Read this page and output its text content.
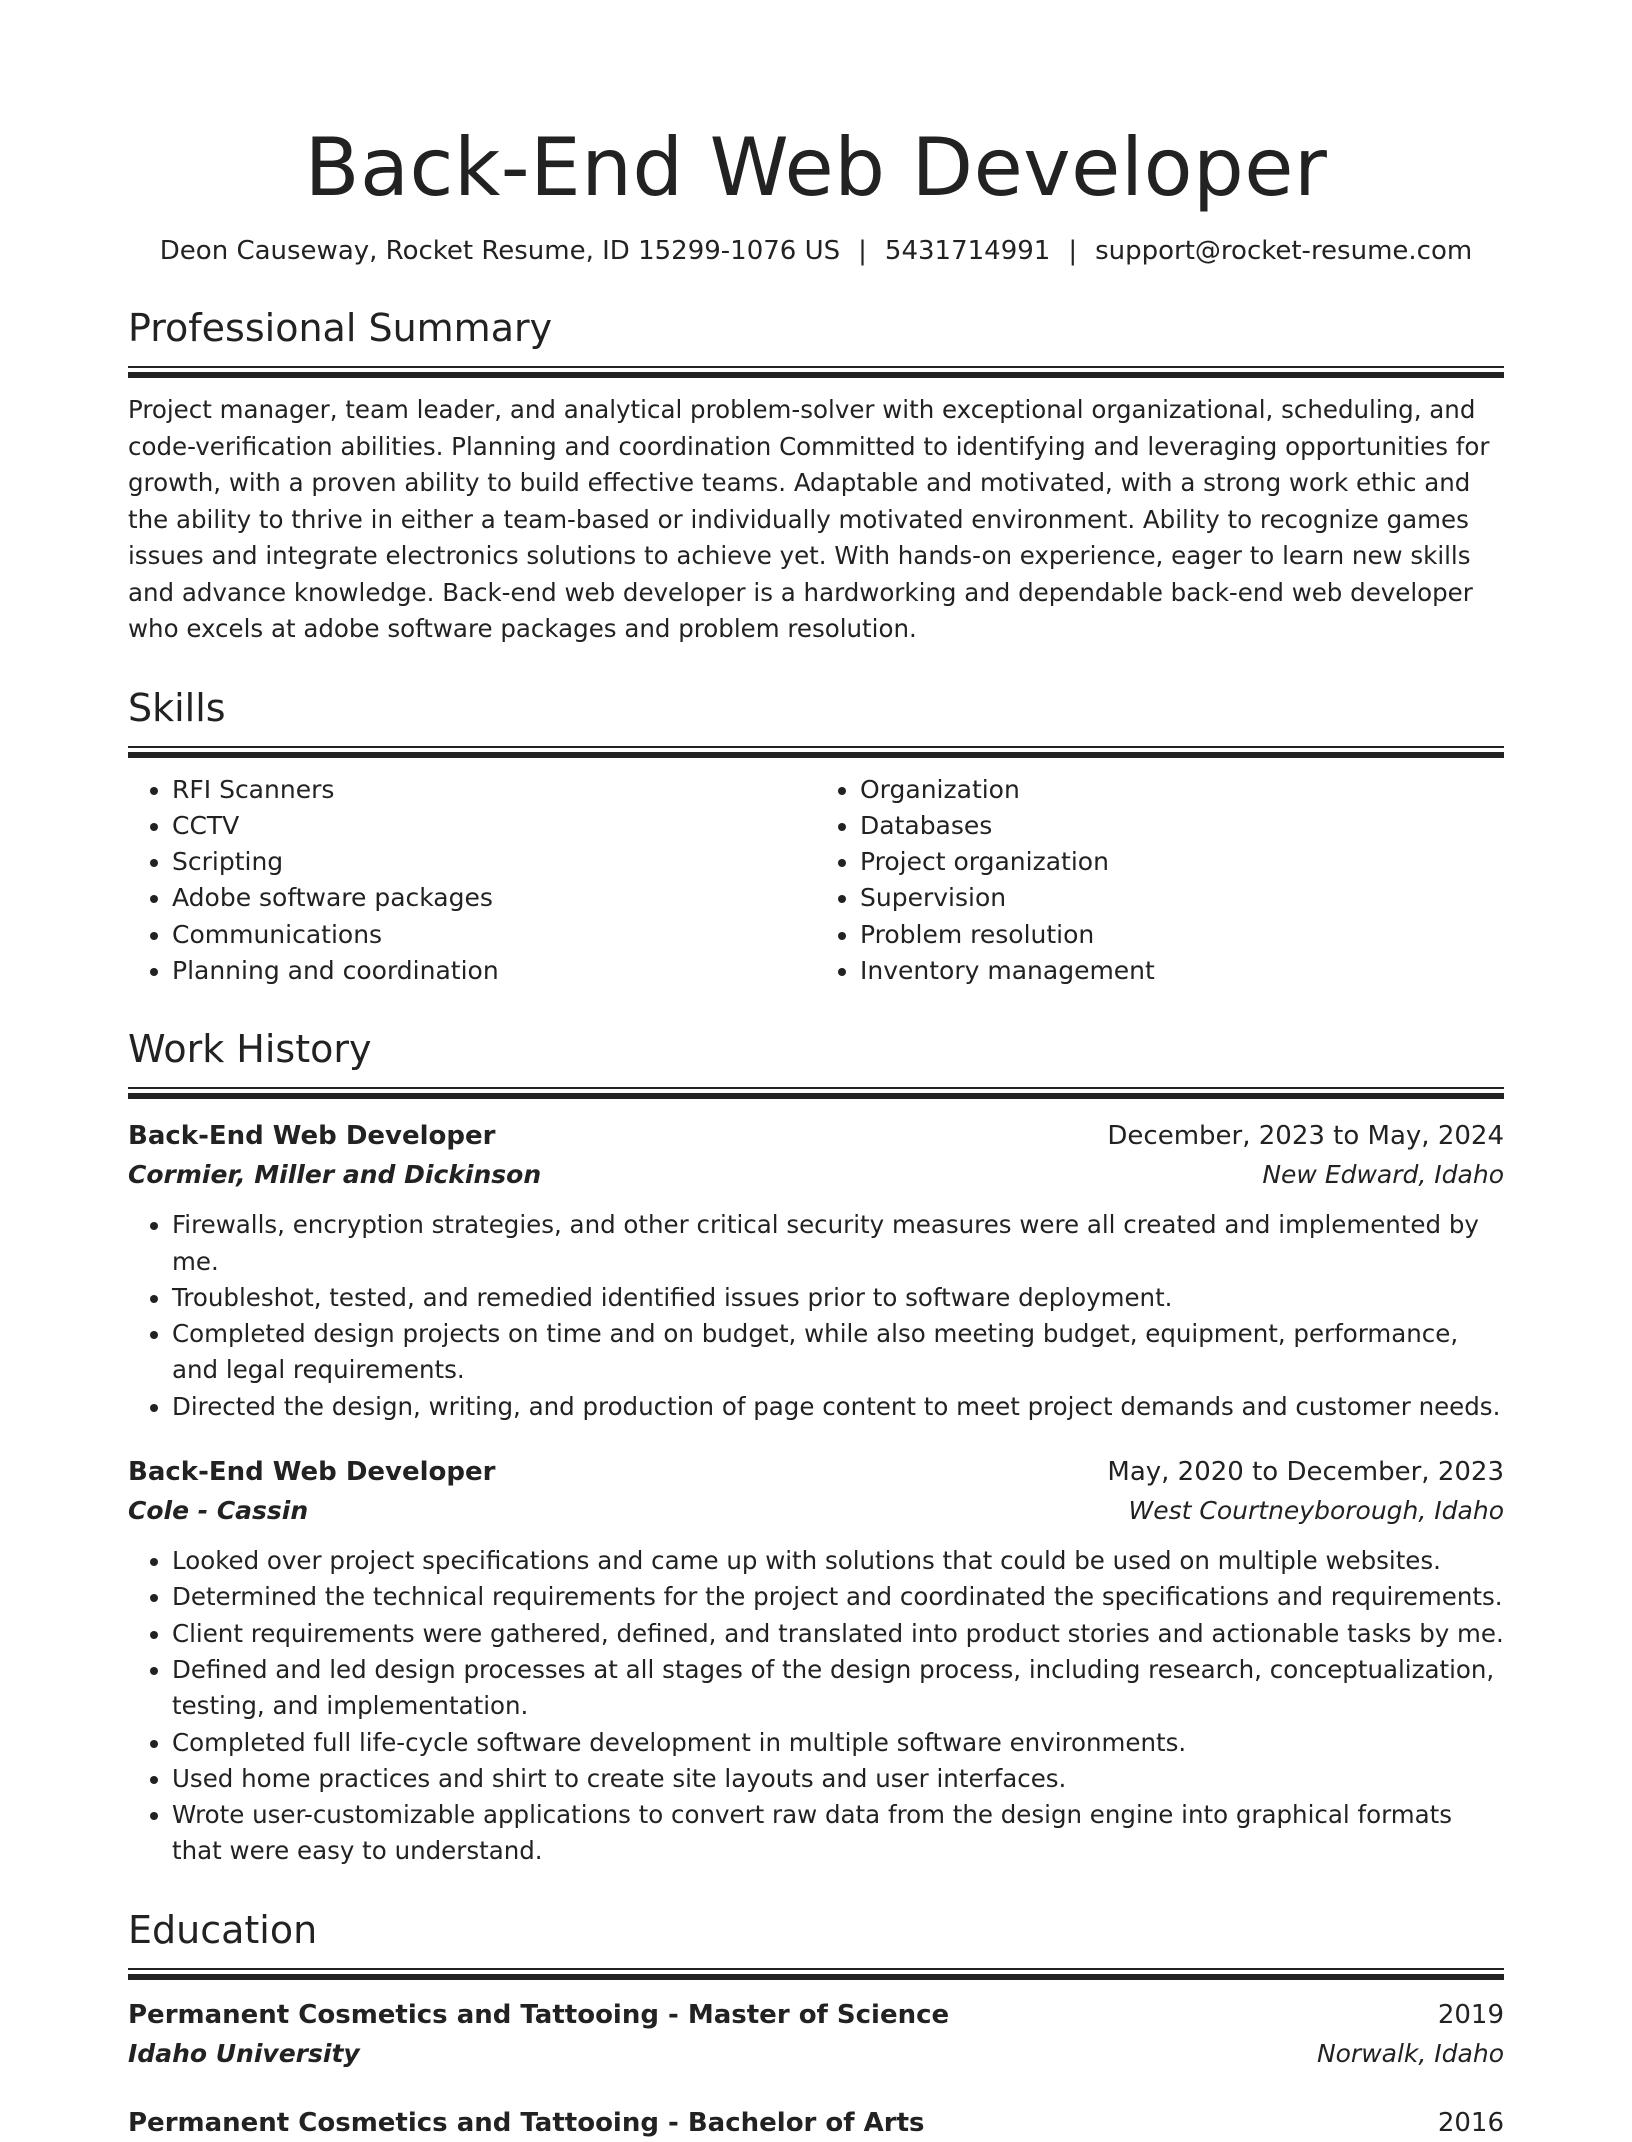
Back-End Web Developer
Deon Causeway, Rocket Resume, ID 15299-1076 US | 5431714991 | support@rocket-resume.com
Professional Summary

Project manager, team leader, and analytical problem-solver with exceptional organizational, scheduling, and code-verification abilities. Planning and coordination Committed to identifying and leveraging opportunities for growth, with a proven ability to build effective teams. Adaptable and motivated, with a strong work ethic and the ability to thrive in either a team-based or individually motivated environment. Ability to recognize games issues and integrate electronics solutions to achieve yet. With hands-on experience, eager to learn new skills and advance knowledge. Back-end web developer is a hardworking and dependable back-end web developer who excels at adobe software packages and problem resolution.

Skills
• RFI Scanners
• CCTV
• Scripting
• Adobe software packages
• Communications
• Planning and coordination
• Organization
• Databases
• Project organization
• Supervision
• Problem resolution
• Inventory management
Work History
Back-End Web Developer	December, 2023 to May, 2024
Cormier, Miller and Dickinson	New Edward, Idaho
• Firewalls, encryption strategies, and other critical security measures were all created and implemented by me.
• Troubleshot, tested, and remedied identified issues prior to software deployment.
• Completed design projects on time and on budget, while also meeting budget, equipment, performance, and legal requirements.
• Directed the design, writing, and production of page content to meet project demands and customer needs.
Back-End Web Developer	May, 2020 to December, 2023
Cole - Cassin	West Courtneyborough, Idaho
• Looked over project specifications and came up with solutions that could be used on multiple websites.
• Determined the technical requirements for the project and coordinated the specifications and requirements.
• Client requirements were gathered, defined, and translated into product stories and actionable tasks by me.
• Defined and led design processes at all stages of the design process, including research, conceptualization, testing, and implementation.
• Completed full life-cycle software development in multiple software environments.
• Used home practices and shirt to create site layouts and user interfaces.
• Wrote user-customizable applications to convert raw data from the design engine into graphical formats that were easy to understand.
Education
Permanent Cosmetics and Tattooing - Master of Science	2019
Idaho University	Norwalk, Idaho
Permanent Cosmetics and Tattooing - Bachelor of Arts	2016
